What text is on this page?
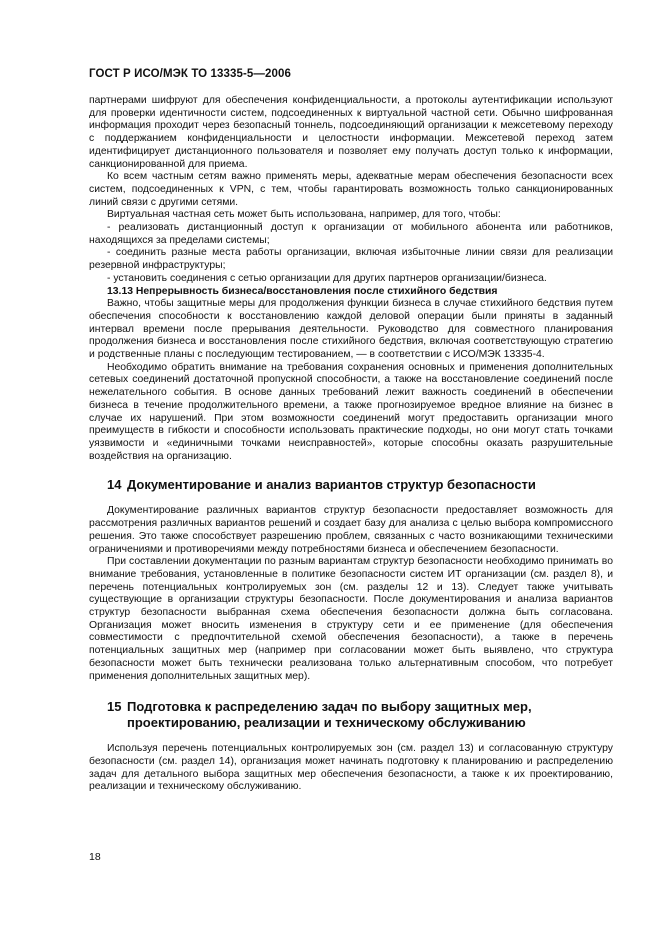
ГОСТ Р ИСО/МЭК ТО 13335-5—2006

партнерами шифруют для обеспечения конфиденциальности, а протоколы аутентификации используют для проверки идентичности систем, подсоединенных к виртуальной частной сети. Обычно шифрованная информация проходит через безопасный тоннель, подсоединяющий организации к межсетевому переходу с поддержанием конфиденциальности и целостности информации. Межсетевой переход затем идентифицирует дистанционного пользователя и позволяет ему получать доступ только к информации, санкционированной для приема.

Ко всем частным сетям важно применять меры, адекватные мерам обеспечения безопасности всех систем, подсоединенных к VPN, с тем, чтобы гарантировать возможность только санкционированных линий связи с другими сетями.

Виртуальная частная сеть может быть использована, например, для того, чтобы:

- реализовать дистанционный доступ к организации от мобильного абонента или работников, находящихся за пределами системы;

- соединить разные места работы организации, включая избыточные линии связи для реализации резервной инфраструктуры;

- установить соединения с сетью организации для других партнеров организации/бизнеса.

13.13 Непрерывность бизнеса/восстановления после стихийного бедствия

Важно, чтобы защитные меры для продолжения функции бизнеса в случае стихийного бедствия путем обеспечения способности к восстановлению каждой деловой операции были приняты в заданный интервал времени после прерывания деятельности. Руководство для совместного планирования продолжения бизнеса и восстановления после стихийного бедствия, включая соответствующую стратегию и родственные планы с последующим тестированием, — в соответствии с ИСО/МЭК 13335-4.

Необходимо обратить внимание на требования сохранения основных и применения дополнительных сетевых соединений достаточной пропускной способности, а также на восстановление соединений после нежелательного события. В основе данных требований лежит важность соединений в обеспечении бизнеса в течение продолжительного времени, а также прогнозируемое вредное влияние на бизнес в случае их нарушений. При этом возможности соединений могут предоставить организации много преимуществ в гибкости и способности использовать практические подходы, но они могут стать точками уязвимости и «единичными точками неисправностей», которые способны оказать разрушительные воздействия на организацию.

14 Документирование и анализ вариантов структур безопасности

Документирование различных вариантов структур безопасности предоставляет возможность для рассмотрения различных вариантов решений и создает базу для анализа с целью выбора компромиссного решения. Это также способствует разрешению проблем, связанных с часто возникающими техническими ограничениями и противоречиями между потребностями бизнеса и обеспечением безопасности.

При составлении документации по разным вариантам структур безопасности необходимо принимать во внимание требования, установленные в политике безопасности систем ИТ организации (см. раздел 8), и перечень потенциальных контролируемых зон (см. разделы 12 и 13). Следует также учитывать существующие в организации структуры безопасности. После документирования и анализа вариантов структур безопасности выбранная схема обеспечения безопасности должна быть согласована. Организация может вносить изменения в структуру сети и ее применение (для обеспечения совместимости с предпочтительной схемой обеспечения безопасности), а также в перечень потенциальных защитных мер (например при согласовании может быть выявлено, что структура безопасности может быть технически реализована только альтернативным способом, что потребует применения дополнительных защитных мер).

15 Подготовка к распределению задач по выбору защитных мер,
проектированию, реализации и техническому обслуживанию

Используя перечень потенциальных контролируемых зон (см. раздел 13) и согласованную структуру безопасности (см. раздел 14), организация может начинать подготовку к планированию и распределению задач для детального выбора защитных мер обеспечения безопасности, а также к их проектированию, реализации и техническому обслуживанию.

18
